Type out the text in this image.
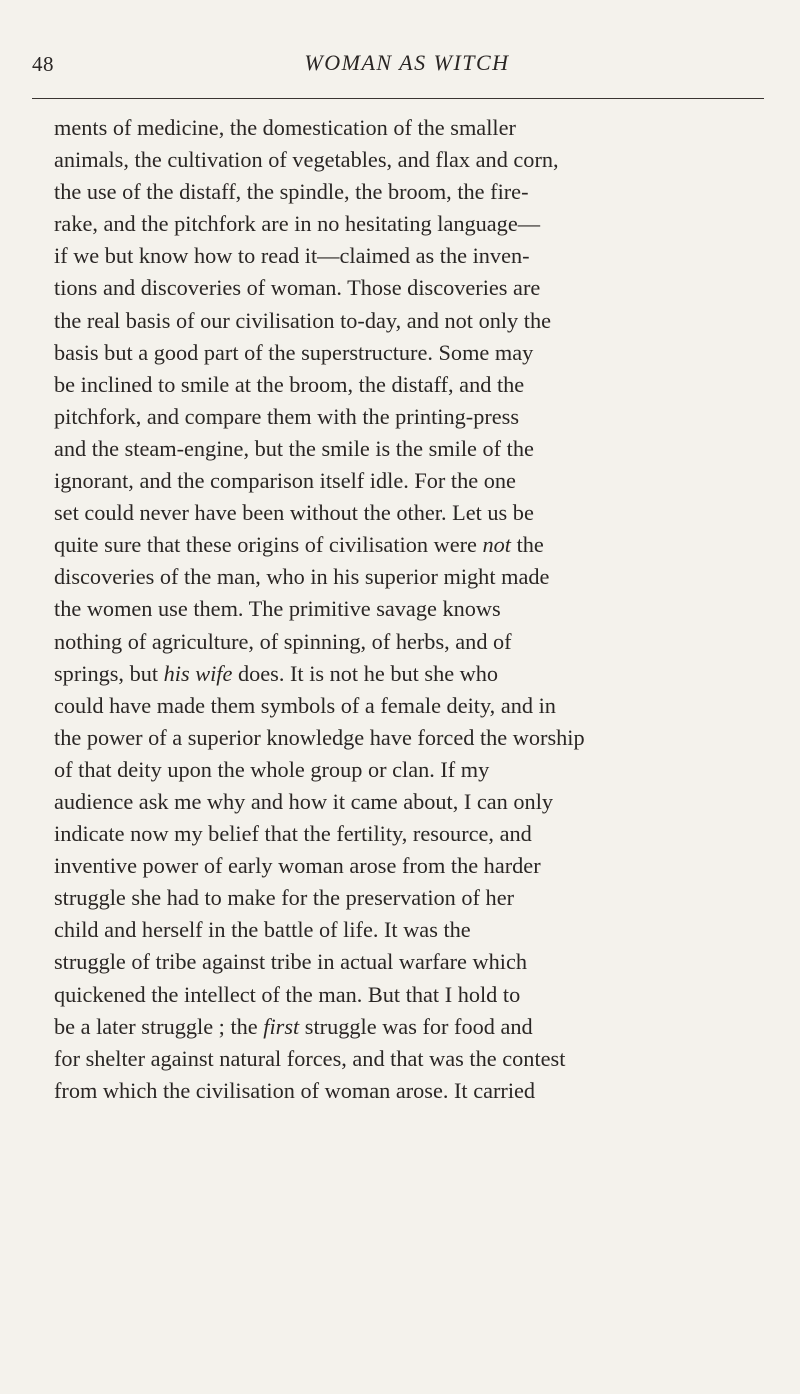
48	WOMAN AS WITCH
ments of medicine, the domestication of the smaller
animals, the cultivation of vegetables, and flax and corn,
the use of the distaff, the spindle, the broom, the fire-
rake, and the pitchfork are in no hesitating language—
if we but know how to read it—claimed as the inven-
tions and discoveries of woman. Those discoveries are
the real basis of our civilisation to-day, and not only the
basis but a good part of the superstructure. Some may
be inclined to smile at the broom, the distaff, and the
pitchfork, and compare them with the printing-press
and the steam-engine, but the smile is the smile of the
ignorant, and the comparison itself idle. For the one
set could never have been without the other. Let us be
quite sure that these origins of civilisation were not the
discoveries of the man, who in his superior might made
the women use them. The primitive savage knows
nothing of agriculture, of spinning, of herbs, and of
springs, but his wife does. It is not he but she who
could have made them symbols of a female deity, and in
the power of a superior knowledge have forced the worship
of that deity upon the whole group or clan. If my
audience ask me why and how it came about, I can only
indicate now my belief that the fertility, resource, and
inventive power of early woman arose from the harder
struggle she had to make for the preservation of her
child and herself in the battle of life. It was the
struggle of tribe against tribe in actual warfare which
quickened the intellect of the man. But that I hold to
be a later struggle ; the first struggle was for food and
for shelter against natural forces, and that was the contest
from which the civilisation of woman arose. It carried
